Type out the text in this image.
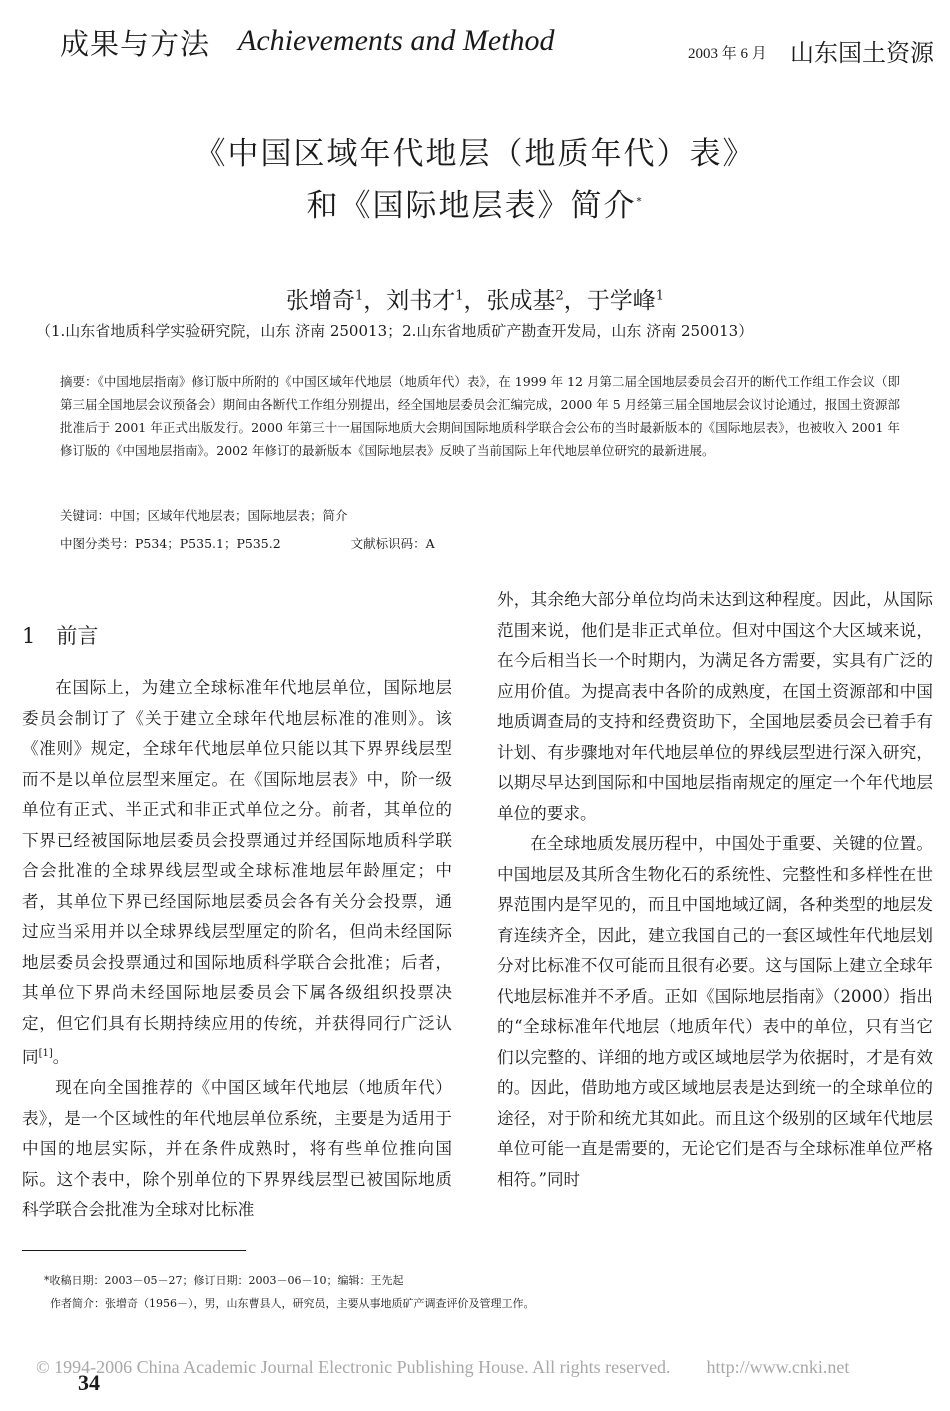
成果与方法 Achievements and Method	2003 年 6 月 山东国土资源
《中国区域年代地层（地质年代）表》
和《国际地层表》简介*
张增奇$^1$，刘书才$^1$，张成基$^2$，于学峰$^1$
（1.山东省地质科学实验研究院，山东 济南 250013；2.山东省地质矿产勘查开发局，山东 济南 250013）

摘要：《中国地层指南》修订版中所附的《中国区域年代地层（地质年代）表》，在 1999 年 12 月第二届全国地层委员会召开的断代工作组工作会议（即第三届全国地层会议预备会）期间由各断代工作组分别提出，经全国地层委员会汇编完成，2000 年 5 月经第三届全国地层会议讨论通过，报国土资源部批准后于 2001 年正式出版发行。2000 年第三十一届国际地质大会期间国际地质科学联合会公布的当时最新版本的《国际地层表》，也被收入 2001 年修订版的《中国地层指南》。2002 年修订的最新版本《国际地层表》反映了当前国际上年代地层单位研究的最新进展。

关键词：中国；区域年代地层表；国际地层表；简介
中图分类号：P534；P535.1；P535.2	文献标识码：A
1　前言

在国际上，为建立全球标准年代地层单位，国际地层委员会制订了《关于建立全球年代地层标准的准则》。该《准则》规定，全球年代地层单位只能以其下界界线层型而不是以单位层型来厘定。在《国际地层表》中，阶一级单位有正式、半正式和非正式单位之分。前者，其单位的下界已经被国际地层委员会投票通过并经国际地质科学联合会批准的全球界线层型或全球标准地层年龄厘定；中者，其单位下界已经国际地层委员会各有关分会投票，通过应当采用并以全球界线层型厘定的阶名，但尚未经国际地层委员会投票通过和国际地质科学联合会批准；后者，其单位下界尚未经国际地层委员会下属各级组织投票决定，但它们具有长期持续应用的传统，并获得同行广泛认同[1]。

现在向全国推荐的《中国区域年代地层（地质年代）表》，是一个区域性的年代地层单位系统，主要是为适用于中国的地层实际，并在条件成熟时，将有些单位推向国际。这个表中，除个别单位的下界界线层型已被国际地质科学联合会批准为全球对比标准

外，其余绝大部分单位均尚未达到这种程度。因此，从国际范围来说，他们是非正式单位。但对中国这个大区域来说，在今后相当长一个时期内，为满足各方需要，实具有广泛的应用价值。为提高表中各阶的成熟度，在国土资源部和中国地质调查局的支持和经费资助下，全国地层委员会已着手有计划、有步骤地对年代地层单位的界线层型进行深入研究，以期尽早达到国际和中国地层指南规定的厘定一个年代地层单位的要求。

在全球地质发展历程中，中国处于重要、关键的位置。中国地层及其所含生物化石的系统性、完整性和多样性在世界范围内是罕见的，而且中国地域辽阔，各种类型的地层发育连续齐全，因此，建立我国自己的一套区域性年代地层划分对比标准不仅可能而且很有必要。这与国际上建立全球年代地层标准并不矛盾。正如《国际地层指南》（2000）指出的“全球标准年代地层（地质年代）表中的单位，只有当它们以完整的、详细的地方或区域地层学为依据时，才是有效的。因此，借助地方或区域地层表是达到统一的全球单位的途径，对于阶和统尤其如此。而且这个级别的区域年代地层单位可能一直是需要的，无论它们是否与全球标准单位严格相符。”同时

*收稿日期：2003－05－27；修订日期：2003－06－10；编辑：王先起
作者简介：张增奇（1956－），男，山东曹县人，研究员，主要从事地质矿产调查评价及管理工作。
© 1994-2006 China Academic Journal Electronic Publishing House. All rights reserved.　　http://www.cnki.net
34
